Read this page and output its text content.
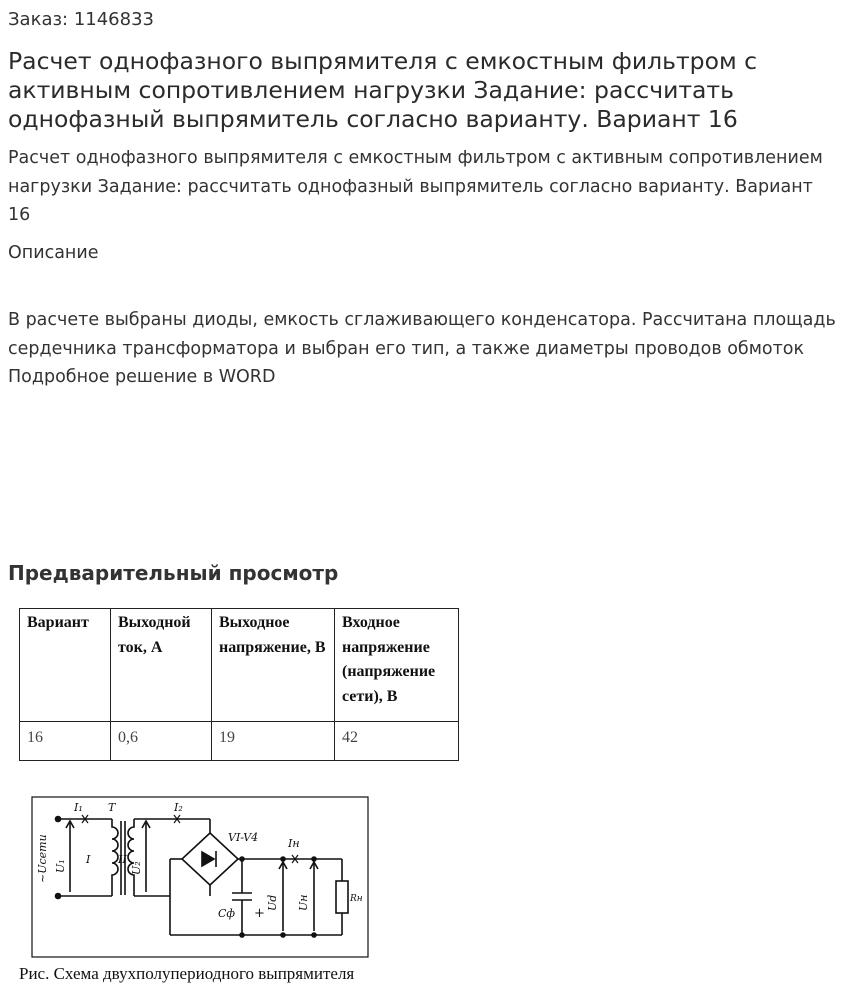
Заказ: 1146833
Расчет однофазного выпрямителя с емкостным фильтром с активным сопротивлением нагрузки Задание: рассчитать однофазный выпрямитель согласно варианту. Вариант 16
Расчет однофазного выпрямителя с емкостным фильтром с активным сопротивлением нагрузки Задание: рассчитать однофазный выпрямитель согласно варианту. Вариант 16
Описание
В расчете выбраны диоды, емкость сглаживающего конденсатора. Рассчитана площадь сердечника трансформатора и выбран его тип, а также диаметры проводов обмоток
Подробное решение в WORD
Предварительный просмотр
Вариант	Выходной ток, А	Выходное напряжение, В	Входное напряжение (напряжение сети), В
16	0,6	19	42
I₁ T	I₂
~Uсети U₁ I	II
U₂
VI-V4	Iн
Cф +
Ud Uн	Rн
Рис. Схема двухполупериодного выпрямителя
